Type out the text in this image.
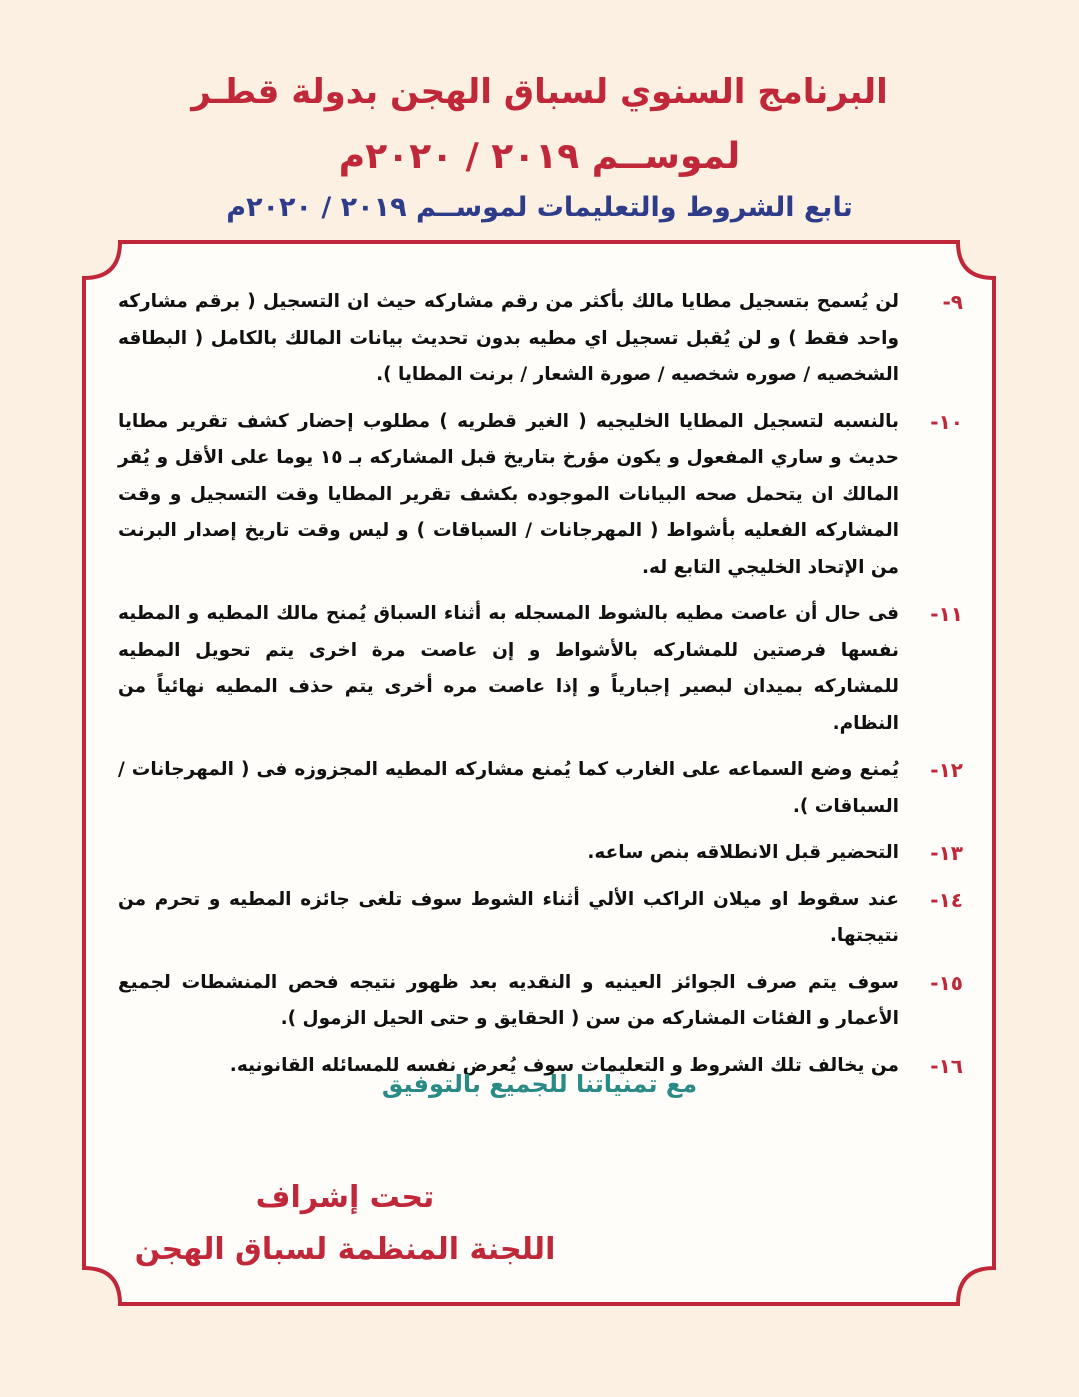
البرنامج السنوي لسباق الهجن بدولة قطـر
لموســم ٢٠١٩ / ٢٠٢٠م
تابع الشروط والتعليمات لموســم ٢٠١٩ / ٢٠٢٠م
٩-
لن يُسمح بتسجيل مطايا مالك بأكثر من رقم مشاركه حيث ان التسجيل ( برقم مشاركه واحد فقط ) و لن يُقبل تسجيل اي مطيه بدون تحديث بيانات المالك بالكامل ( البطاقه الشخصيه / صوره شخصيه / صورة الشعار / برنت المطايا ).
١٠-
بالنسبه لتسجيل المطايا الخليجيه ( الغير قطريه ) مطلوب إحضار كشف تقرير مطايا حديث و ساري المفعول و يكون مؤرخ بتاريخ قبل المشاركه بـ ١٥ يوما على الأقل و يُقر المالك ان يتحمل صحه البيانات الموجوده بكشف تقرير المطايا وقت التسجيل و وقت المشاركه الفعليه بأشواط ( المهرجانات / السباقات ) و ليس وقت تاريخ إصدار البرنت من الإتحاد الخليجي التابع له.
١١-
فى حال أن عاصت مطيه بالشوط المسجله به أثناء السباق يُمنح مالك المطيه و المطيه نفسها فرصتين للمشاركه بالأشواط و إن عاصت مرة اخرى يتم تحويل المطيه للمشاركه بميدان لبصير إجبارياً و إذا عاصت مره أخرى يتم حذف المطيه نهائياً من النظام.
١٢-
يُمنع وضع السماعه على الغارب كما يُمنع مشاركه المطيه المجزوزه فى ( المهرجانات / السباقات ).
١٣-
التحضير قبل الانطلاقه بنص ساعه.
١٤-
عند سقوط او ميلان الراكب الألي أثناء الشوط سوف تلغى جائزه المطيه و تحرم من نتيجتها.
١٥-
سوف يتم صرف الجوائز العينيه و النقديه بعد ظهور نتيجه فحص المنشطات لجميع الأعمار و الفئات المشاركه من سن ( الحقايق و حتى الحيل الزمول ).
١٦-
من يخالف تلك الشروط و التعليمات سوف يُعرض نفسه للمسائله القانونيه.
مع تمنياتنا للجميع بالتوفيق
تحت إشراف
اللجنة المنظمة لسباق الهجن
